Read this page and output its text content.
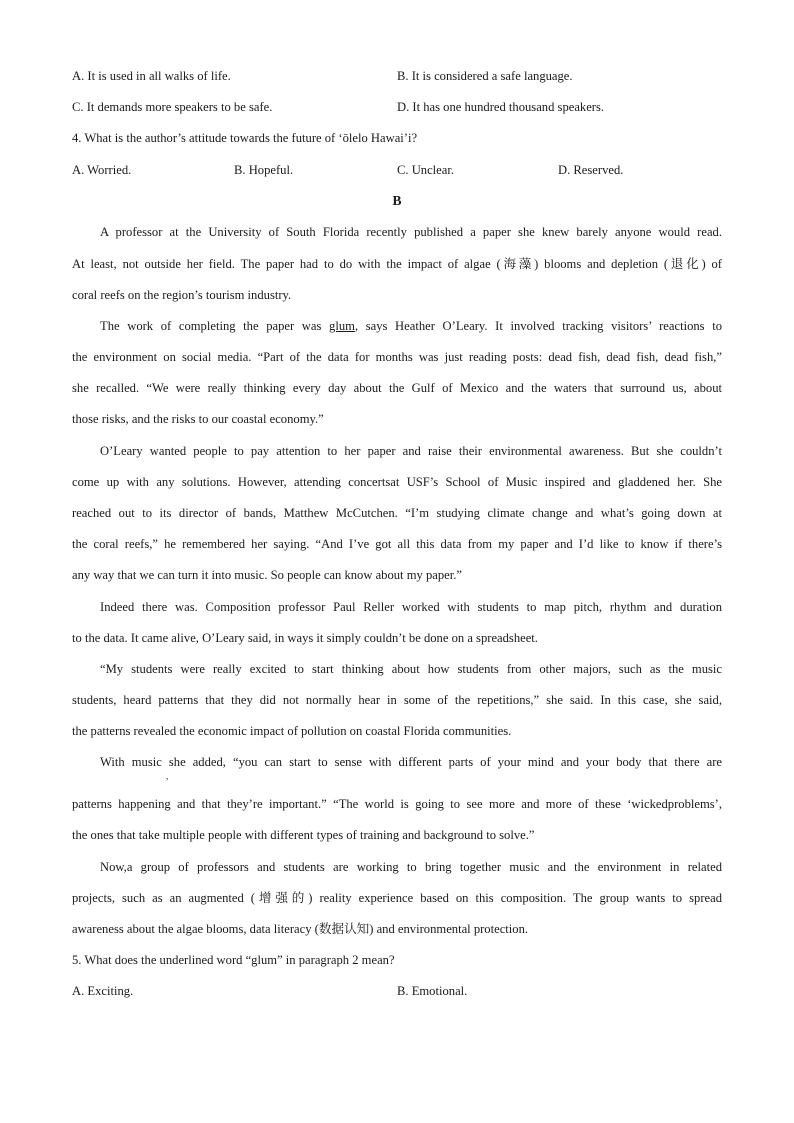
A. It is used in all walks of life.	B. It is considered a safe language.
C. It demands more speakers to be safe.	D. It has one hundred thousand speakers.
4. What is the author’s attitude towards the future of ‘ōlelo Hawai’i?
A. Worried.	B. Hopeful.	C. Unclear.	D. Reserved.
B
A professor at the University of South Florida recently published a paper she knew barely anyone would read.
At least, not outside her field. The paper had to do with the impact of algae (海藻) blooms and depletion (退化) of
coral reefs on the region’s tourism industry.
The work of completing the paper was glum, says Heather O’Leary. It involved tracking visitors’ reactions to
the environment on social media. “Part of the data for months was just reading posts: dead fish, dead fish, dead fish,”
she recalled. “We were really thinking every day about the Gulf of Mexico and the waters that surround us, about
those risks, and the risks to our coastal economy.”
O’Leary wanted people to pay attention to her paper and raise their environmental awareness. But she couldn’t
come up with any solutions. However, attending concertsat USF’s School of Music inspired and gladdened her. She
reached out to its director of bands, Matthew McCutchen. “I’m studying climate change and what’s going down at
the coral reefs,” he remembered her saying. “And I’ve got all this data from my paper and I’d like to know if there’s
any way that we can turn it into music. So people can know about my paper.”
Indeed there was. Composition professor Paul Reller worked with students to map pitch, rhythm and duration
to the data. It came alive, O’Leary said, in ways it simply couldn’t be done on a spreadsheet.
“My students were really excited to start thinking about how students from other majors, such as the music
students, heard patterns that they did not normally hear in some of the repetitions,” she said. In this case, she said,
the patterns revealed the economic impact of pollution on coastal Florida communities.
With music she added, “you can start to sense with different parts of your mind and your body that there are
,
patterns happening and that they’re important.” “The world is going to see more and more of these ‘wickedproblems’,
the ones that take multiple people with different types of training and background to solve.”
Now,a group of professors and students are working to bring together music and the environment in related
projects, such as an augmented (增强的) reality experience based on this composition. The group wants to spread
awareness about the algae blooms, data literacy (数据认知) and environmental protection.
5. What does the underlined word “glum” in paragraph 2 mean?
A. Exciting.	B. Emotional.
